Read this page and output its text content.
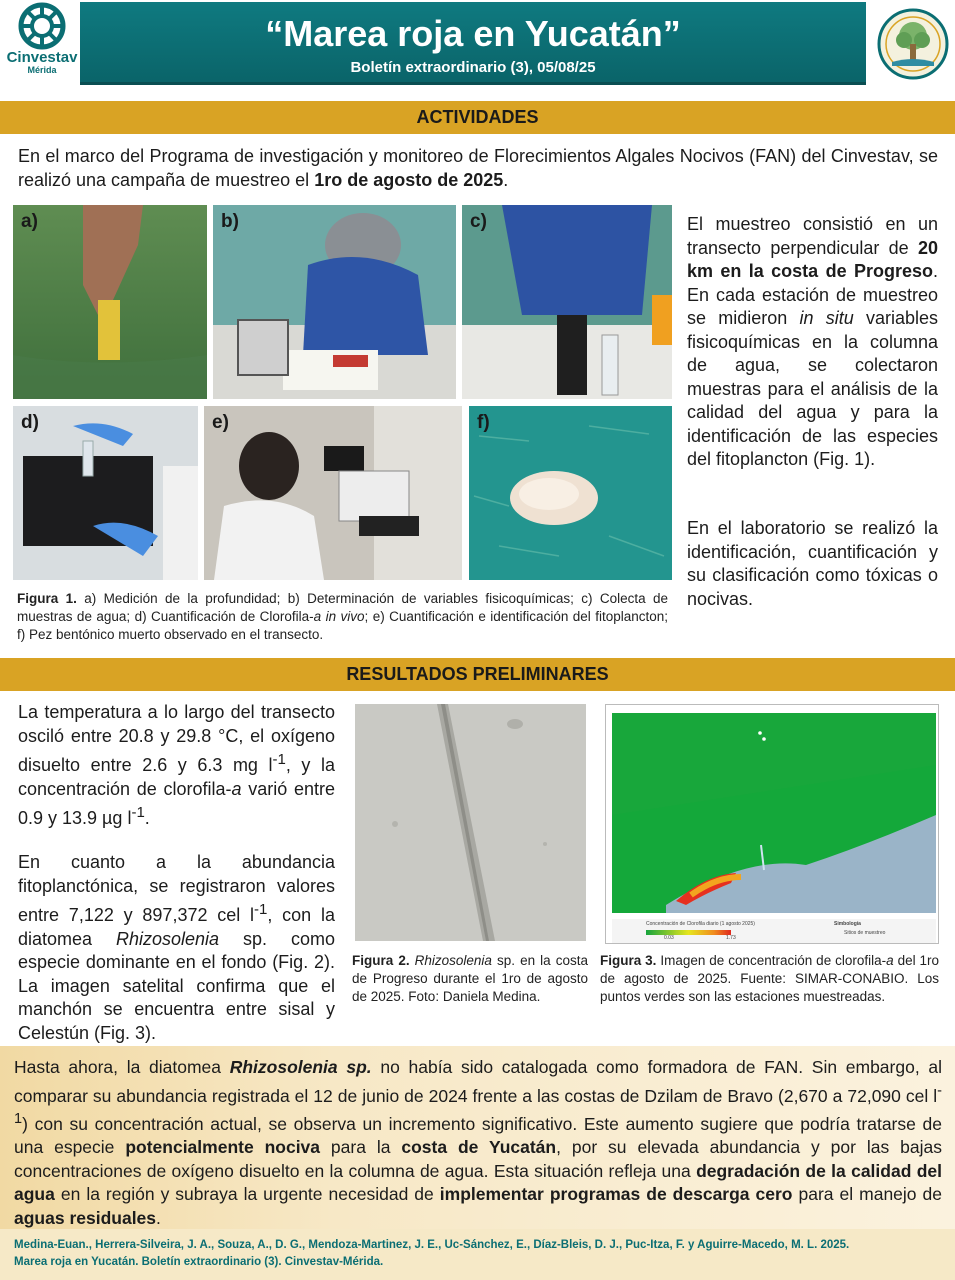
Cinvestav
Mérida
“Marea roja en Yucatán”
Boletín extraordinario (3), 05/08/25
ACTIVIDADES

En el marco del Programa de investigación y monitoreo de Florecimientos Algales Nocivos (FAN) del Cinvestav, se realizó una campaña de muestreo el 1ro de agosto de 2025.

a)	b)	c)
d)	e)	f)

Figura 1. a) Medición de la profundidad; b) Determinación de variables fisicoquímicas; c) Colecta de muestras de agua; d) Cuantificación de Clorofila-a in vivo; e) Cuantificación e identificación del fitoplancton; f) Pez bentónico muerto observado en el transecto.

El muestreo consistió en un transecto perpendicular de 20 km en la costa de Progreso. En cada estación de muestreo se midieron in situ variables fisicoquímicas en la columna de agua, se colectaron muestras para el análisis de la calidad del agua y para la identificación de las especies del fitoplancton (Fig. 1).

En el laboratorio se realizó la identificación, cuantificación y su clasificación como tóxicas o nocivas.

RESULTADOS PRELIMINARES

La temperatura a lo largo del transecto osciló entre 20.8 y 29.8 °C, el oxígeno disuelto entre 2.6 y 6.3 mg $l^{-1}$, y la concentración de clorofila-a varió entre 0.9 y 13.9 µg $l^{-1}$.

En cuanto a la abundancia fitoplanctónica, se registraron valores entre 7,122 y 897,372 cel $l^{-1}$, con la diatomea Rhizosolenia sp. como especie dominante en el fondo (Fig. 2). La imagen satelital confirma que el manchón se encuentra entre sisal y Celestún (Fig. 3).

Figura 2. Rhizosolenia sp. en la costa de Progreso durante el 1ro de agosto de 2025. Foto: Daniela Medina.

Concentración de Clorofila diario (1 agosto 2025)
0.03	1.73
Simbología
Sitios de muestreo

Figura 3. Imagen de concentración de clorofila-a del 1ro de agosto de 2025. Fuente: SIMAR-CONABIO. Los puntos verdes son las estaciones muestreadas.

Hasta ahora, la diatomea Rhizosolenia sp. no había sido catalogada como formadora de FAN. Sin embargo, al comparar su abundancia registrada el 12 de junio de 2024 frente a las costas de Dzilam de Bravo (2,670 a 72,090 cel $l^{-1}$) con su concentración actual, se observa un incremento significativo. Este aumento sugiere que podría tratarse de una especie potencialmente nociva para la costa de Yucatán, por su elevada abundancia y por las bajas concentraciones de oxígeno disuelto en la columna de agua. Esta situación refleja una degradación de la calidad del agua en la región y subraya la urgente necesidad de implementar programas de descarga cero para el manejo de aguas residuales.

Medina-Euan., Herrera-Silveira, J. A., Souza, A., D. G., Mendoza-Martinez, J. E., Uc-Sánchez, E., Díaz-Bleis, D. J., Puc-Itza, F. y Aguirre-Macedo, M. L. 2025.
Marea roja en Yucatán. Boletín extraordinario (3). Cinvestav-Mérida.
